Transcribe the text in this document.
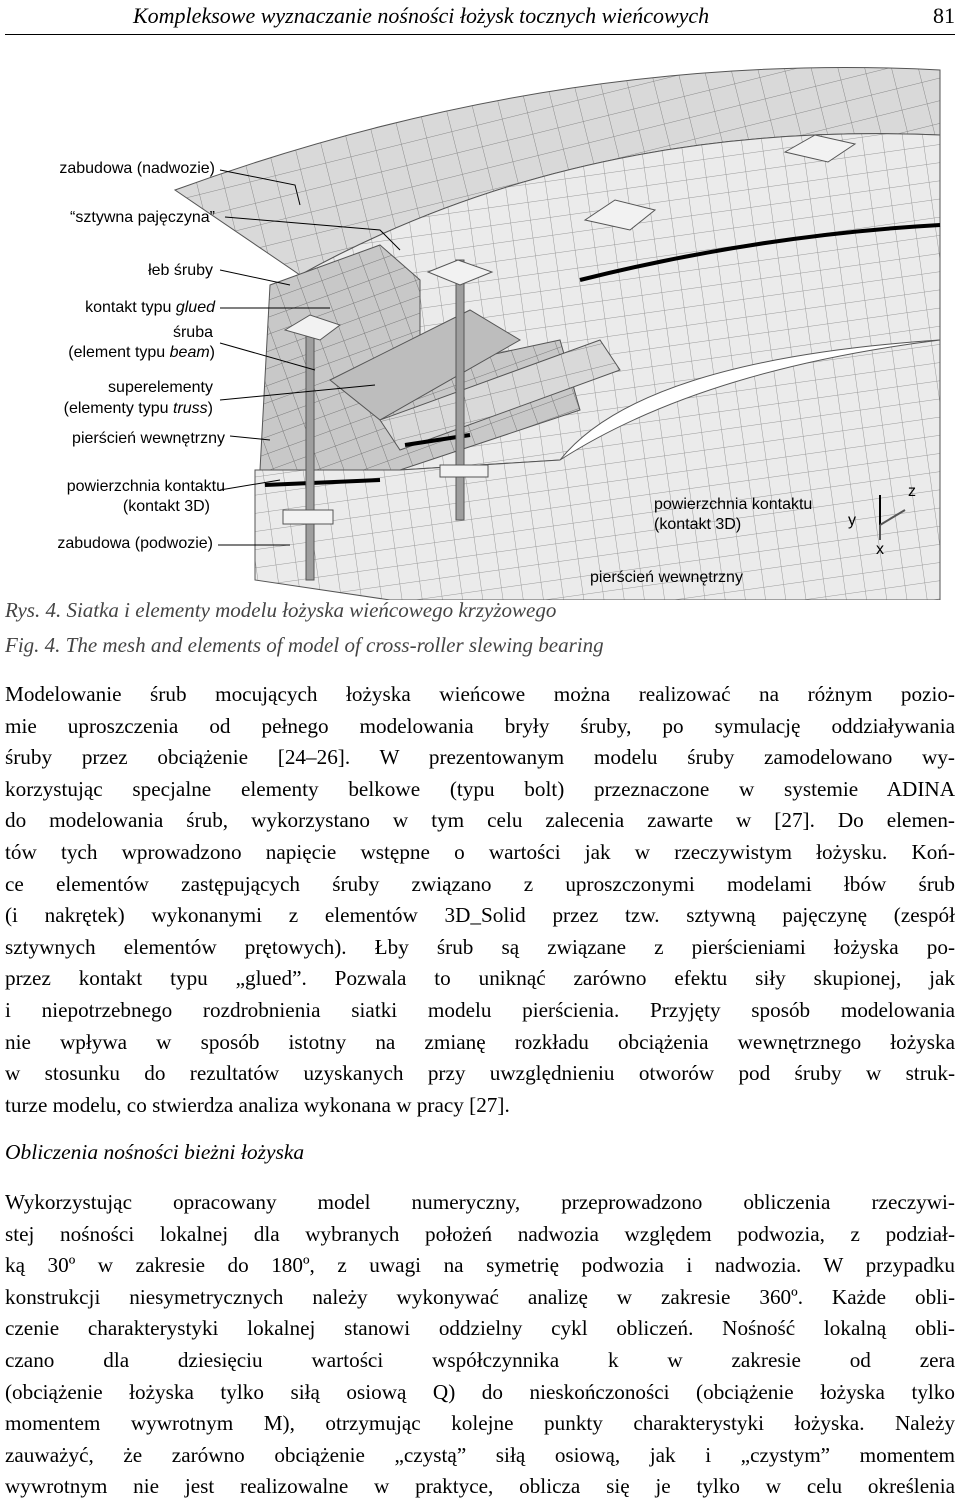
Kompleksowe wyznaczanie nośności łożysk tocznych wieńcowych	81
zabudowa (nadwozie)
“sztywna pajęczyna”
łeb śruby
kontakt typu glued
śruba
(element typu beam)
superelementy
(elementy typu truss)
pierścień wewnętrzny
powierzchnia kontaktu
(kontakt 3D)
zabudowa (podwozie)
powierzchnia kontaktu
(kontakt 3D)
pierścień wewnętrzny
z
y
x
Rys. 4. Siatka i elementy modelu łożyska wieńcowego krzyżowego
Fig. 4. The mesh and elements of model of cross-roller slewing bearing
Modelowanie śrub mocujących łożyska wieńcowe można realizować na różnym pozio-
mie uproszczenia od pełnego modelowania bryły śruby, po symulację oddziaływania
śruby przez obciążenie [24–26]. W prezentowanym modelu śruby zamodelowano wy-
korzystując specjalne elementy belkowe (typu bolt) przeznaczone w systemie ADINA
do modelowania śrub, wykorzystano w tym celu zalecenia zawarte w [27]. Do elemen-
tów tych wprowadzono napięcie wstępne o wartości jak w rzeczywistym łożysku. Koń-
ce elementów zastępujących śruby związano z uproszczonymi modelami łbów śrub
(i nakrętek) wykonanymi z elementów 3D_Solid przez tzw. sztywną pajęczynę (zespół
sztywnych elementów prętowych). Łby śrub są związane z pierścieniami łożyska po-
przez kontakt typu „glued”. Pozwala to uniknąć zarówno efektu siły skupionej, jak
i niepotrzebnego rozdrobnienia siatki modelu pierścienia. Przyjęty sposób modelowania
nie wpływa w sposób istotny na zmianę rozkładu obciążenia wewnętrznego łożyska
w stosunku do rezultatów uzyskanych przy uwzględnieniu otworów pod śruby w struk-
turze modelu, co stwierdza analiza wykonana w pracy [27].
Obliczenia nośności bieżni łożyska
Wykorzystując opracowany model numeryczny, przeprowadzono obliczenia rzeczywi-
stej nośności lokalnej dla wybranych położeń nadwozia względem podwozia, z podział-
ką 30º w zakresie do 180º, z uwagi na symetrię podwozia i nadwozia. W przypadku
konstrukcji niesymetrycznych należy wykonywać analizę w zakresie 360º. Każde obli-
czenie charakterystyki lokalnej stanowi oddzielny cykl obliczeń. Nośność lokalną obli-
czano dla dziesięciu wartości współczynnika k w zakresie od zera
(obciążenie łożyska tylko siłą osiową Q) do nieskończoności (obciążenie łożyska tylko
momentem wywrotnym M), otrzymując kolejne punkty charakterystyki łożyska. Należy
zauważyć, że zarówno obciążenie „czystą” siłą osiową, jak i „czystym” momentem
wywrotnym nie jest realizowalne w praktyce, oblicza się je tylko w celu określenia
